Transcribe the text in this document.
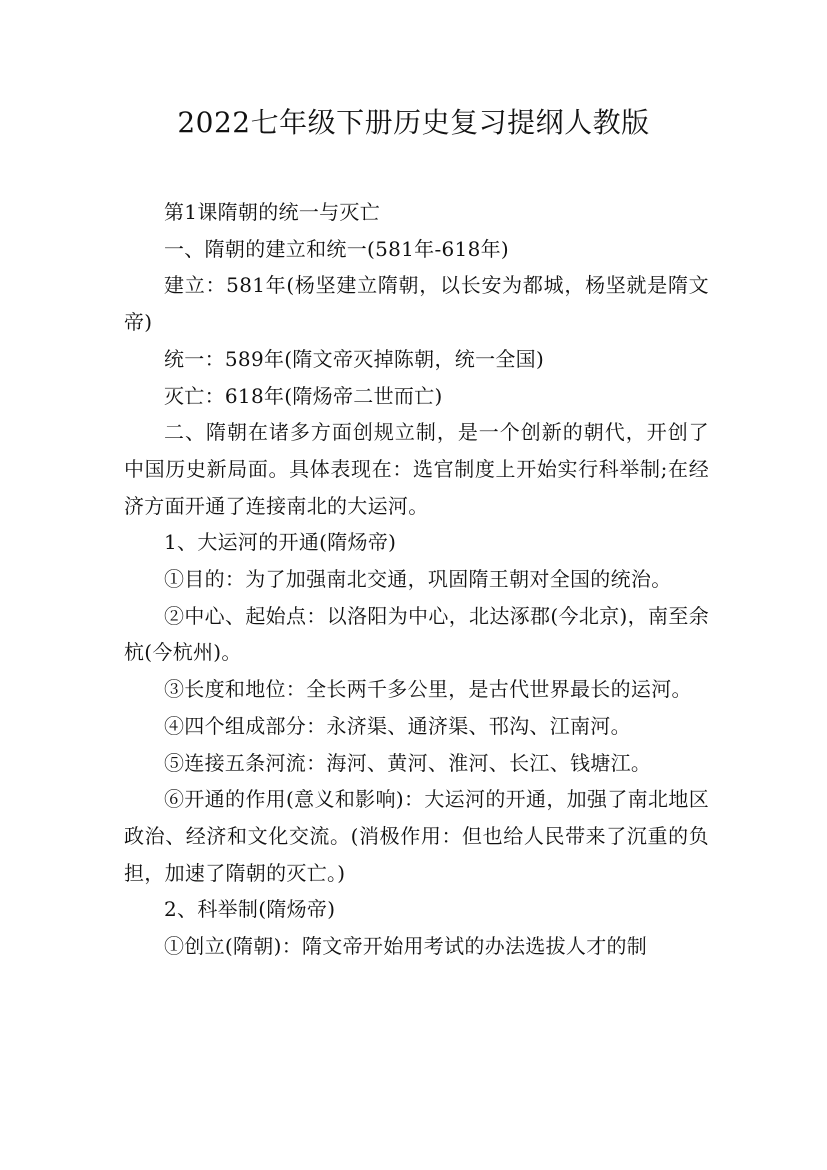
2022七年级下册历史复习提纲人教版

第1课隋朝的统一与灭亡

一、隋朝的建立和统一(581年-618年)

建立：581年(杨坚建立隋朝，以长安为都城，杨坚就是隋文帝)

统一：589年(隋文帝灭掉陈朝，统一全国)

灭亡：618年(隋炀帝二世而亡)

二、隋朝在诸多方面创规立制，是一个创新的朝代，开创了中国历史新局面。具体表现在：选官制度上开始实行科举制;在经济方面开通了连接南北的大运河。

1、大运河的开通(隋炀帝)

①目的：为了加强南北交通，巩固隋王朝对全国的统治。

②中心、起始点：以洛阳为中心，北达涿郡(今北京)，南至余杭(今杭州)。

③长度和地位：全长两千多公里，是古代世界最长的运河。

④四个组成部分：永济渠、通济渠、邗沟、江南河。

⑤连接五条河流：海河、黄河、淮河、长江、钱塘江。

⑥开通的作用(意义和影响)：大运河的开通，加强了南北地区政治、经济和文化交流。(消极作用：但也给人民带来了沉重的负担，加速了隋朝的灭亡。)

2、科举制(隋炀帝)

①创立(隋朝)：隋文帝开始用考试的办法选拔人才的制
